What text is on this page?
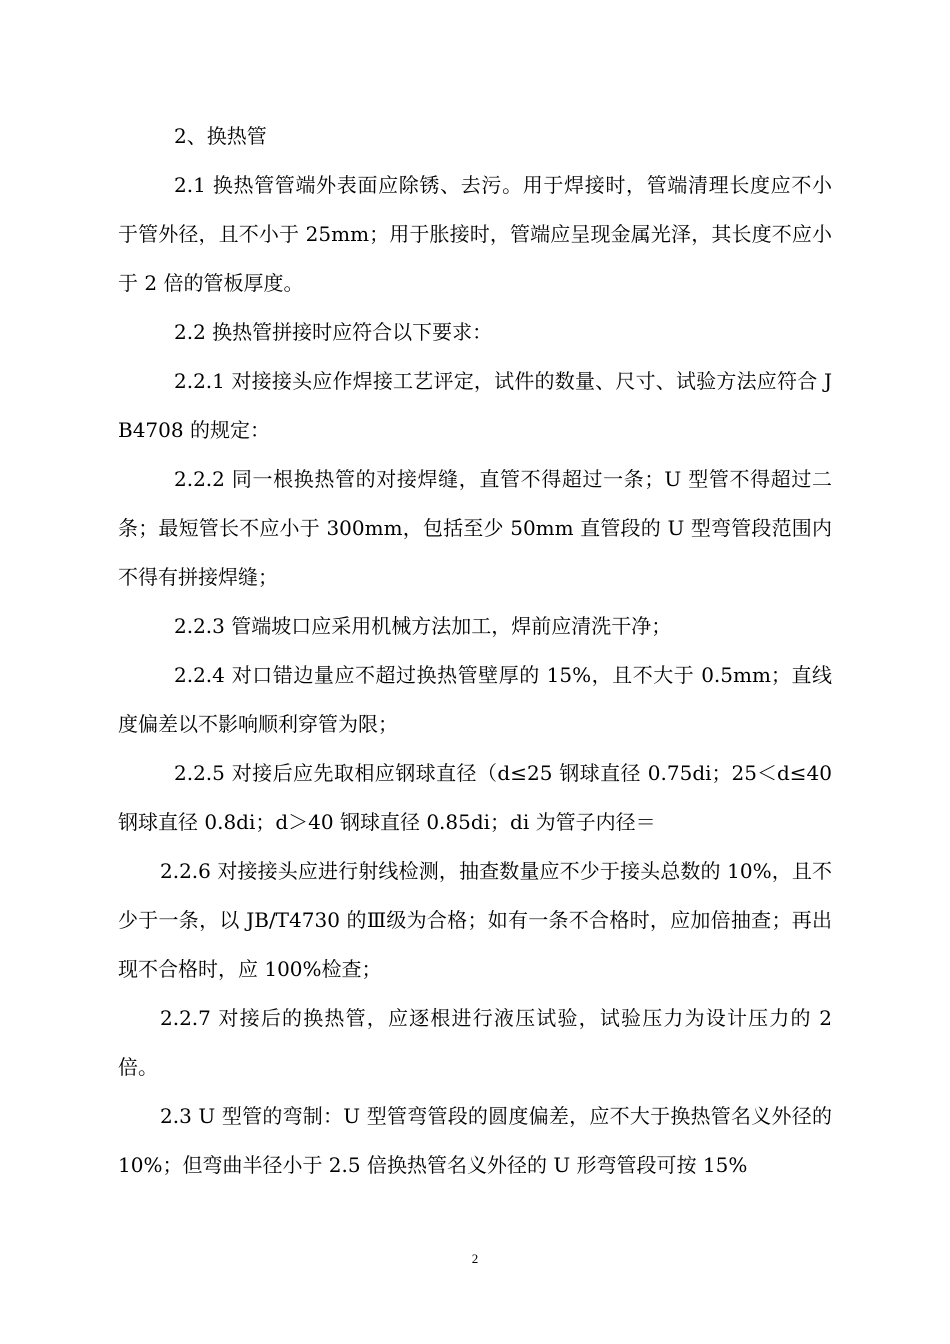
2、换热管

2.1 换热管管端外表面应除锈、去污。用于焊接时，管端清理长度应不小于管外径，且不小于 25mm；用于胀接时，管端应呈现金属光泽，其长度不应小于 2 倍的管板厚度。

2.2 换热管拼接时应符合以下要求：

2.2.1 对接接头应作焊接工艺评定，试件的数量、尺寸、试验方法应符合 JB4708 的规定：

2.2.2 同一根换热管的对接焊缝，直管不得超过一条；U 型管不得超过二条；最短管长不应小于 300mm，包括至少 50mm 直管段的 U 型弯管段范围内不得有拼接焊缝；

2.2.3 管端坡口应采用机械方法加工，焊前应清洗干净；

2.2.4 对口错边量应不超过换热管壁厚的 15%，且不大于 0.5mm；直线度偏差以不影响顺利穿管为限；

2.2.5 对接后应先取相应钢球直径（d≤25 钢球直径 0.75di；25＜d≤40 钢球直径 0.8di；d＞40 钢球直径 0.85di；di 为管子内径＝

2.2.6 对接接头应进行射线检测，抽查数量应不少于接头总数的 10%，且不少于一条，以 JB/T4730 的Ⅲ级为合格；如有一条不合格时，应加倍抽查；再出现不合格时，应 100%检查；

2.2.7 对接后的换热管，应逐根进行液压试验，试验压力为设计压力的 2 倍。

2.3 U 型管的弯制：U 型管弯管段的圆度偏差，应不大于换热管名义外径的 10%；但弯曲半径小于 2.5 倍换热管名义外径的 U 形弯管段可按 15%

2
